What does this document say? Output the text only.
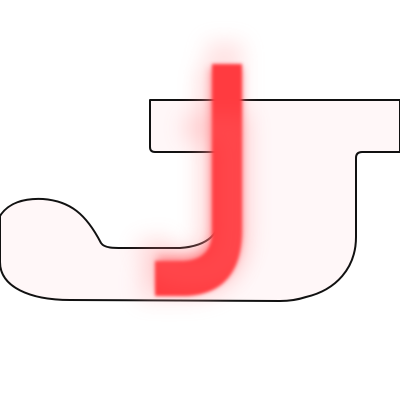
J
